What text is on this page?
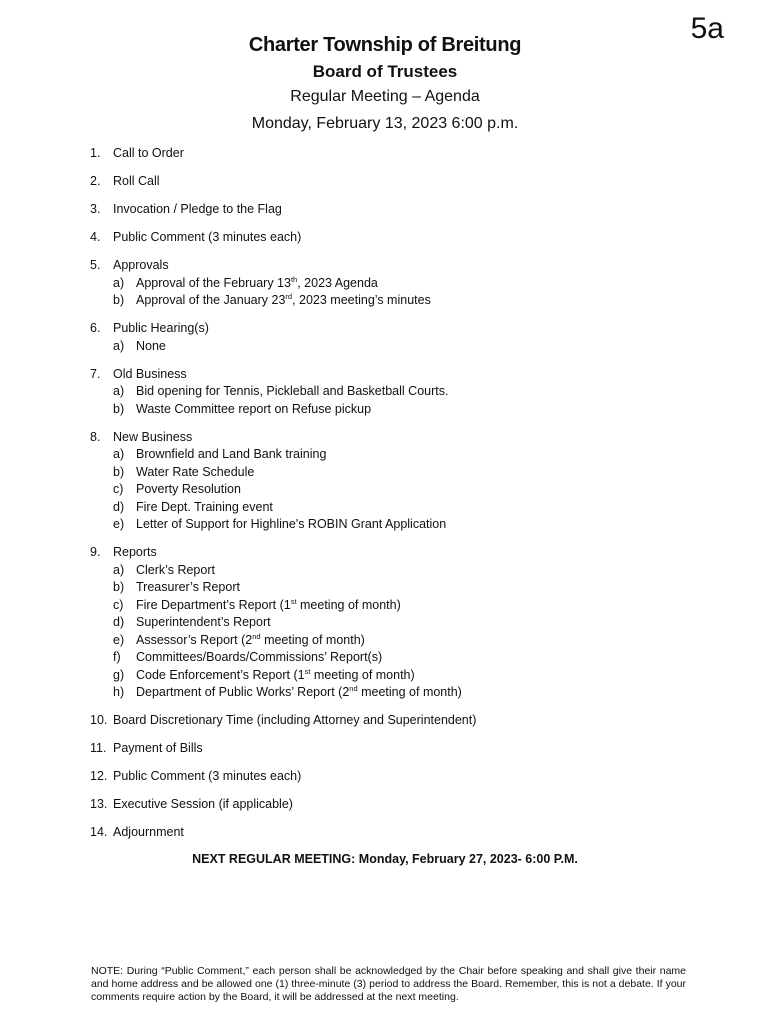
5a
Charter Township of Breitung
Board of Trustees
Regular Meeting – Agenda
Monday, February 13, 2023 6:00 p.m.
1.	Call to Order
2.	Roll Call
3.	Invocation / Pledge to the Flag
4.	Public Comment (3 minutes each)
5.	Approvals
a) Approval of the February 13th, 2023 Agenda
b) Approval of the January 23rd, 2023 meeting’s minutes
6.	Public Hearing(s)
a) None
7.	Old Business
a) Bid opening for Tennis, Pickleball and Basketball Courts.
b) Waste Committee report on Refuse pickup
8.	New Business
a) Brownfield and Land Bank training
b) Water Rate Schedule
c)	Poverty Resolution
d) Fire Dept. Training event
e) Letter of Support for Highline's ROBIN Grant Application
9.	Reports
a) Clerk’s Report
b) Treasurer’s Report
c)	Fire Department’s Report (1st meeting of month)
d) Superintendent’s Report
e) Assessor’s Report (2nd meeting of month)
f)	Committees/Boards/Commissions’ Report(s)
g) Code Enforcement’s Report (1st meeting of month)
h) Department of Public Works’ Report (2nd meeting of month)
10. Board Discretionary Time (including Attorney and Superintendent)
11. Payment of Bills
12. Public Comment (3 minutes each)
13. Executive Session (if applicable)
14. Adjournment
NEXT REGULAR MEETING: Monday, February 27, 2023- 6:00 P.M.
NOTE: During “Public Comment,” each person shall be acknowledged by the Chair before speaking and shall give their name and home address and be allowed one (1) three-minute (3) period to address the Board. Remember, this is not a debate. If your comments require action by the Board, it will be addressed at the next meeting.
